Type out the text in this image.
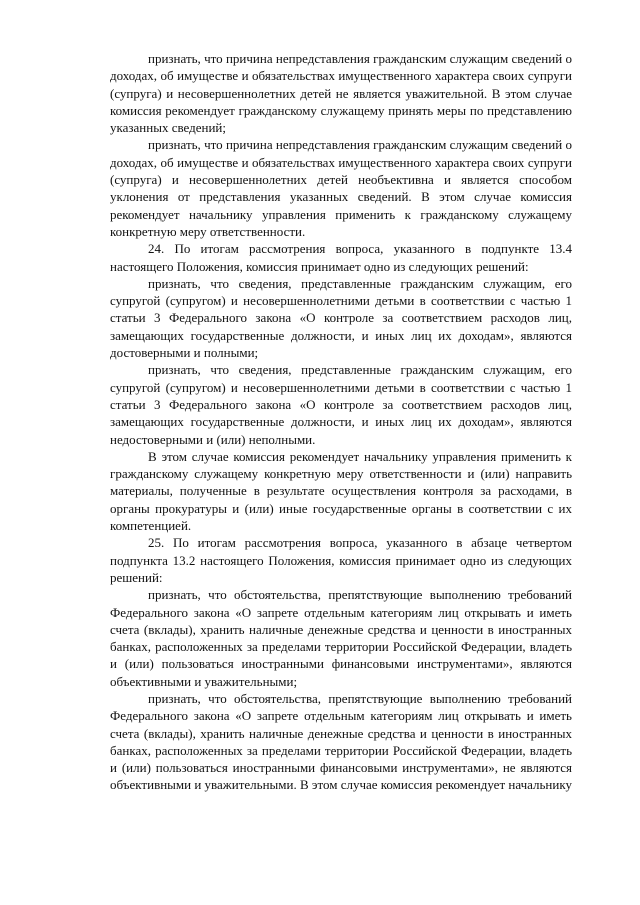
признать, что причина непредставления гражданским служащим сведений о доходах, об имуществе и обязательствах имущественного характера своих супруги (супруга) и несовершеннолетних детей не является уважительной. В этом случае комиссия рекомендует гражданскому служащему принять меры по представлению указанных сведений;

признать, что причина непредставления гражданским служащим сведений о доходах, об имуществе и обязательствах имущественного характера своих супруги (супруга) и несовершеннолетних детей необъективна и является способом уклонения от представления указанных сведений. В этом случае комиссия рекомендует начальнику управления применить к гражданскому служащему конкретную меру ответственности.

24. По итогам рассмотрения вопроса, указанного в подпункте 13.4 настоящего Положения, комиссия принимает одно из следующих решений:

признать, что сведения, представленные гражданским служащим, его супругой (супругом) и несовершеннолетними детьми в соответствии с частью 1 статьи 3 Федерального закона «О контроле за соответствием расходов лиц, замещающих государственные должности, и иных лиц их доходам», являются достоверными и полными;

признать, что сведения, представленные гражданским служащим, его супругой (супругом) и несовершеннолетними детьми в соответствии с частью 1 статьи 3 Федерального закона «О контроле за соответствием расходов лиц, замещающих государственные должности, и иных лиц их доходам», являются недостоверными и (или) неполными.

В этом случае комиссия рекомендует начальнику управления применить к гражданскому служащему конкретную меру ответственности и (или) направить материалы, полученные в результате осуществления контроля за расходами, в органы прокуратуры и (или) иные государственные органы в соответствии с их компетенцией.

25. По итогам рассмотрения вопроса, указанного в абзаце четвертом подпункта 13.2 настоящего Положения, комиссия принимает одно из следующих решений:

признать, что обстоятельства, препятствующие выполнению требований Федерального закона «О запрете отдельным категориям лиц открывать и иметь счета (вклады), хранить наличные денежные средства и ценности в иностранных банках, расположенных за пределами территории Российской Федерации, владеть и (или) пользоваться иностранными финансовыми инструментами», являются объективными и уважительными;

признать, что обстоятельства, препятствующие выполнению требований Федерального закона «О запрете отдельным категориям лиц открывать и иметь счета (вклады), хранить наличные денежные средства и ценности в иностранных банках, расположенных за пределами территории Российской Федерации, владеть и (или) пользоваться иностранными финансовыми инструментами», не являются объективными и уважительными. В этом случае комиссия рекомендует начальнику
